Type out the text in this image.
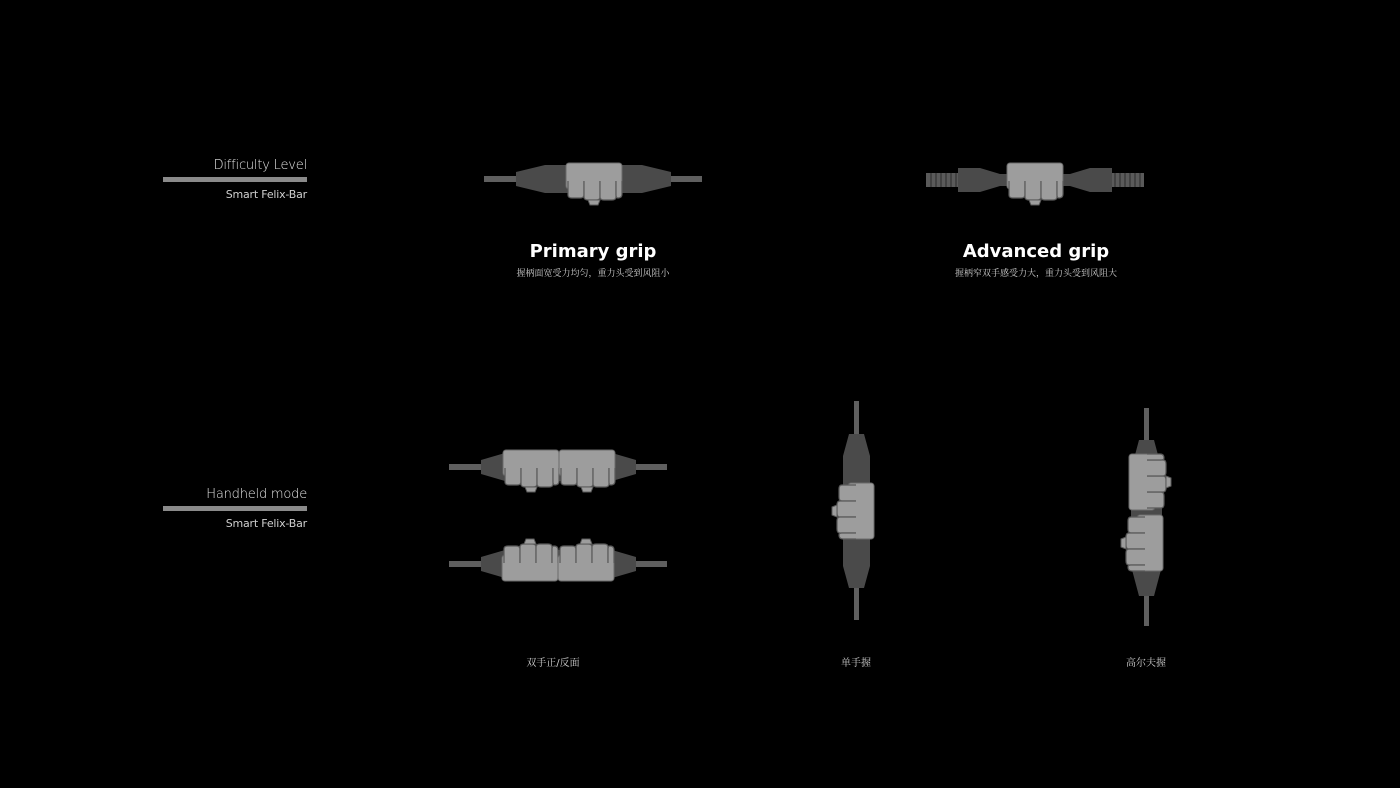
Difficulty Level
Smart Felix-Bar
Handheld mode
Smart Felix-Bar
Primary grip
握柄面宽受力均匀，重力头受到风阻小
Advanced grip
握柄窄双手感受力大，重力头受到风阻大
双手正/反面	单手握	高尔夫握
